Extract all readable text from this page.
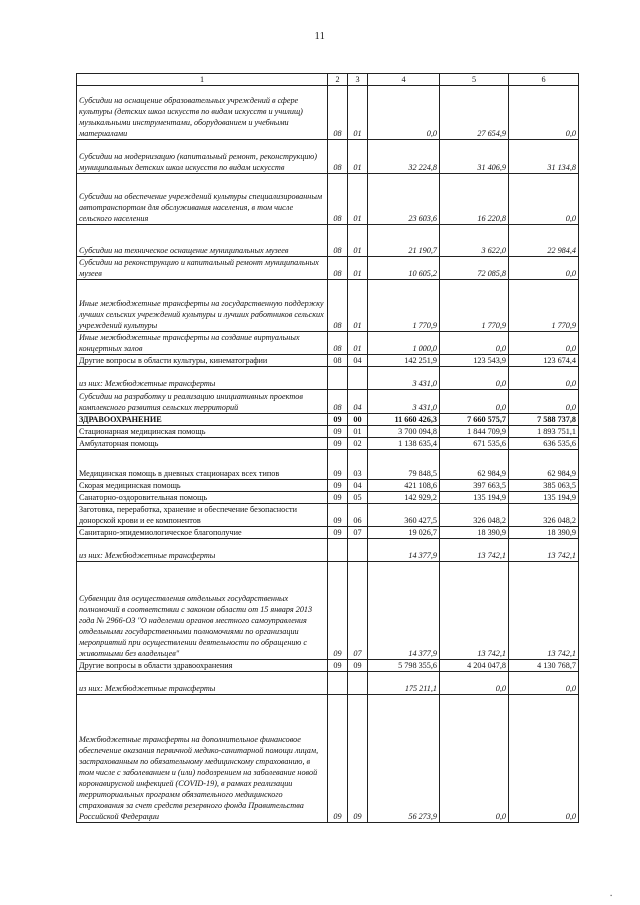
11
1	2	3	4	5	6
Субсидии на оснащение образовательных учреждений в сфере культуры (детских школ искусств по видам искусств и училищ) музыкальными инструментами, оборудованием и учебными материалами	08	01	0,0	27 654,9	0,0
Субсидии на модернизацию (капитальный ремонт, реконструкцию) муниципальных детских школ искусств по видам искусств	08	01	32 224,8	31 406,9	31 134,8
Субсидии на обеспечение учреждений культуры специализированным автотранспортом для обслуживания населения, в том числе сельского населения	08	01	23 603,6	16 220,8	0,0
Субсидии на техническое оснащение муниципальных музеев	08	01	21 190,7	3 622,0	22 984,4
Субсидии на реконструкцию и капитальный ремонт муниципальных музеев	08	01	10 605,2	72 085,8	0,0
Иные межбюджетные трансферты на государственную поддержку лучших сельских учреждений культуры и лучших работников сельских учреждений культуры	08	01	1 770,9	1 770,9	1 770,9
Иные межбюджетные трансферты на создание виртуальных концертных залов	08	01	1 000,0	0,0	0,0
Другие вопросы в области культуры, кинематографии	08	04	142 251,9	123 543,9	123 674,4
из них: Межбюджетные трансферты			3 431,0	0,0	0,0
Субсидии на разработку и реализацию инициативных проектов комплексного развития сельских территорий	08	04	3 431,0	0,0	0,0
ЗДРАВООХРАНЕНИЕ	09	00	11 660 426,3	7 660 575,7	7 588 737,8
Стационарная медицинская помощь	09	01	3 700 094,8	1 844 709,9	1 893 751,1
Амбулаторная помощь	09	02	1 138 635,4	671 535,6	636 535,6
Медицинская помощь в дневных стационарах всех типов	09	03	79 848,5	62 984,9	62 984,9
Скорая медицинская помощь	09	04	421 108,6	397 663,5	385 063,5
Санаторно-оздоровительная помощь	09	05	142 929,2	135 194,9	135 194,9
Заготовка, переработка, хранение и обеспечение безопасности донорской крови и ее компонентов	09	06	360 427,5	326 048,2	326 048,2
Санитарно-эпидемиологическое благополучие	09	07	19 026,7	18 390,9	18 390,9
из них: Межбюджетные трансферты			14 377,9	13 742,1	13 742,1
Субвенции для осуществления отдельных государственных полномочий в соответствии с законом области от 15 января 2013 года № 2966-ОЗ "О наделении органов местного самоуправления отдельными государственными полномочиями по организации мероприятий при осуществлении деятельности по обращению с животными без владельцев"	09	07	14 377,9	13 742,1	13 742,1
Другие вопросы в области здравоохранения	09	09	5 798 355,6	4 204 047,8	4 130 768,7
из них: Межбюджетные трансферты			175 211,1	0,0	0,0
Межбюджетные трансферты на дополнительное финансовое обеспечение оказания первичной медико-санитарной помощи лицам, застрахованным по обязательному медицинскому страхованию, в том числе с заболеванием и (или) подозрением на заболевание новой коронавирусной инфекцией (COVID-19), в рамках реализации территориальных программ обязательного медицинского страхования за счет средств резервного фонда Правительства Российской Федерации	09	09	56 273,9	0,0	0,0
▪
